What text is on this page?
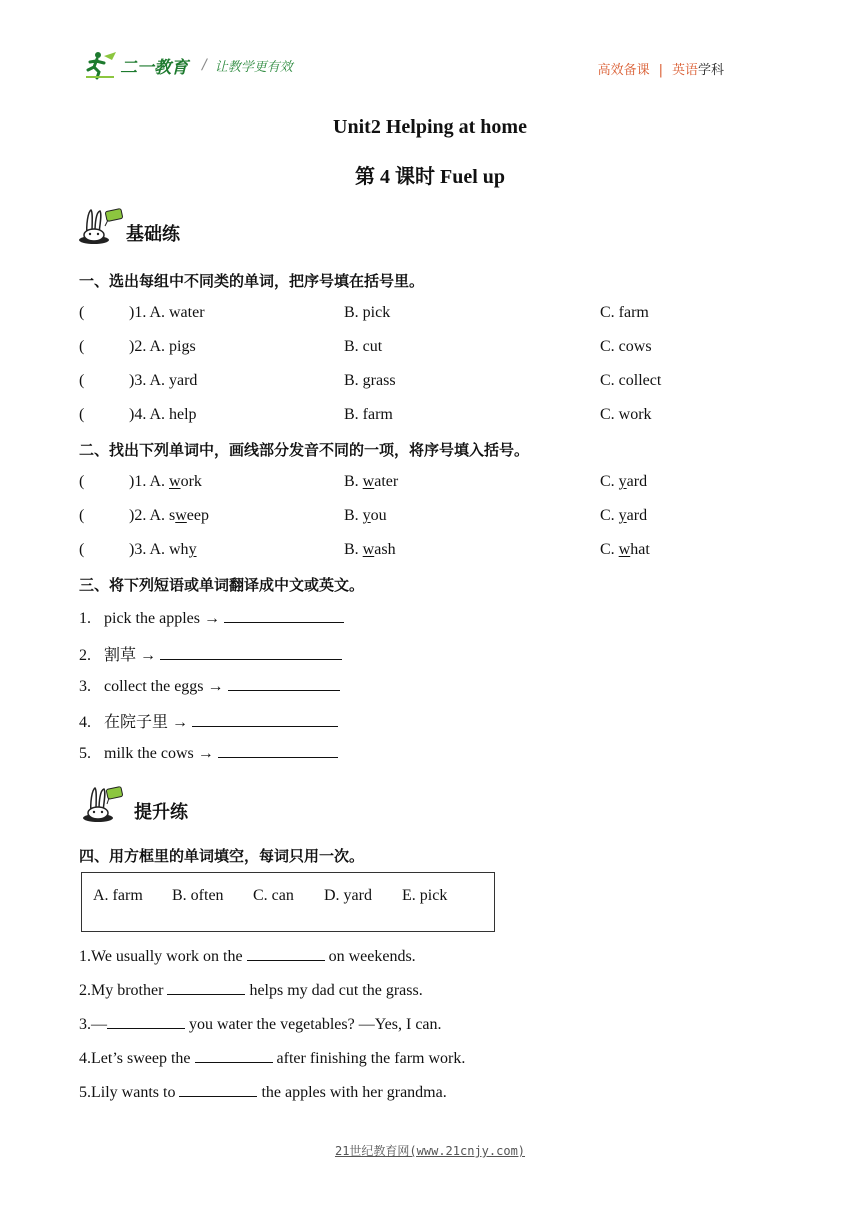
二一教育 / 让教学更有效	高效备课 | 英语学科
Unit2 Helping at home
第 4 课时 Fuel up
基础练
一、选出每组中不同类的单词，把序号填在括号里。
(	)1. A. water	B. pick	C. farm
(	)2. A. pigs	B. cut	C. cows
(	)3. A. yard	B. grass	C. collect
(	)4. A. help	B. farm	C. work
二、找出下列单词中，画线部分发音不同的一项，将序号填入括号。
(	)1. A. work	B. water	C. yard
(	)2. A. sweep	B. you	C. yard
(	)3. A. why	B. wash	C. what
三、将下列短语或单词翻译成中文或英文。
1. pick the apples →
2. 割草 →
3. collect the eggs →
4. 在院子里 →
5. milk the cows →
提升练
四、用方框里的单词填空，每词只用一次。
A. farm B. often C. can D. yard E. pick
1.We usually work on the	on weekends.
2.My brother	helps my dad cut the grass.
3.—	you water the vegetables? —Yes, I can.
4.Let’s sweep the	after finishing the farm work.
5.Lily wants to	the apples with her grandma.
21世纪教育网(www.21cnjy.com)
